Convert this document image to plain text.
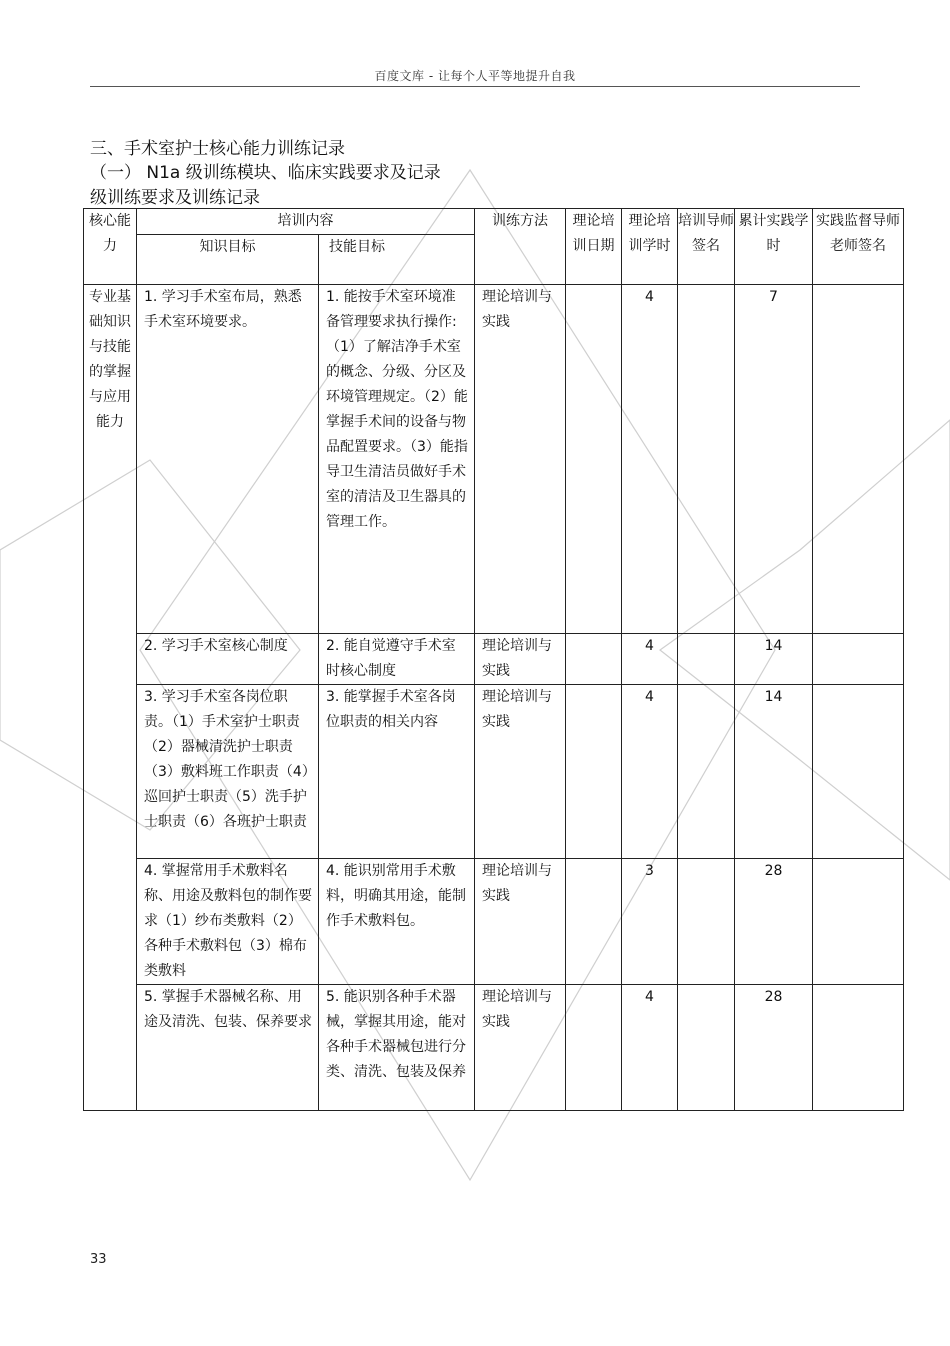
百度文库 - 让每个人平等地提升自我
三、手术室护士核心能力训练记录
（一） N1a 级训练模块、临床实践要求及记录
级训练要求及训练记录
核心能力	培训内容		训练方法	理论培训日期	理论培训学时	培训导师签名	累计实践学时	实践监督导师老师签名
	知识目标	技能目标						
专业基础知识与技能的掌握与应用能力	1. 学习手术室布局，熟悉手术室环境要求。	1. 能按手术室环境准备管理要求执行操作:（1）了解洁净手术室的概念、分级、分区及环境管理规定。（2）能掌握手术间的设备与物品配置要求。（3）能指导卫生清洁员做好手术室的清洁及卫生器具的管理工作。	理论培训与实践		4		7	
	2. 学习手术室核心制度	2. 能自觉遵守手术室时核心制度	理论培训与实践		4		14	
	3. 学习手术室各岗位职责。（1）手术室护士职责（2）器械清洗护士职责（3）敷料班工作职责（4）巡回护士职责（5）洗手护士职责（6）各班护士职责	3. 能掌握手术室各岗位职责的相关内容	理论培训与实践		4		14	
	4. 掌握常用手术敷料名称、用途及敷料包的制作要求（1）纱布类敷料（2）各种手术敷料包（3）棉布类敷料	4. 能识别常用手术敷料，明确其用途，能制作手术敷料包。	理论培训与实践		3		28	
	5. 掌握手术器械名称、用途及清洗、包装、保养要求	5. 能识别各种手术器械，掌握其用途，能对各种手术器械包进行分类、清洗、包装及保养	理论培训与实践		4		28	
33
